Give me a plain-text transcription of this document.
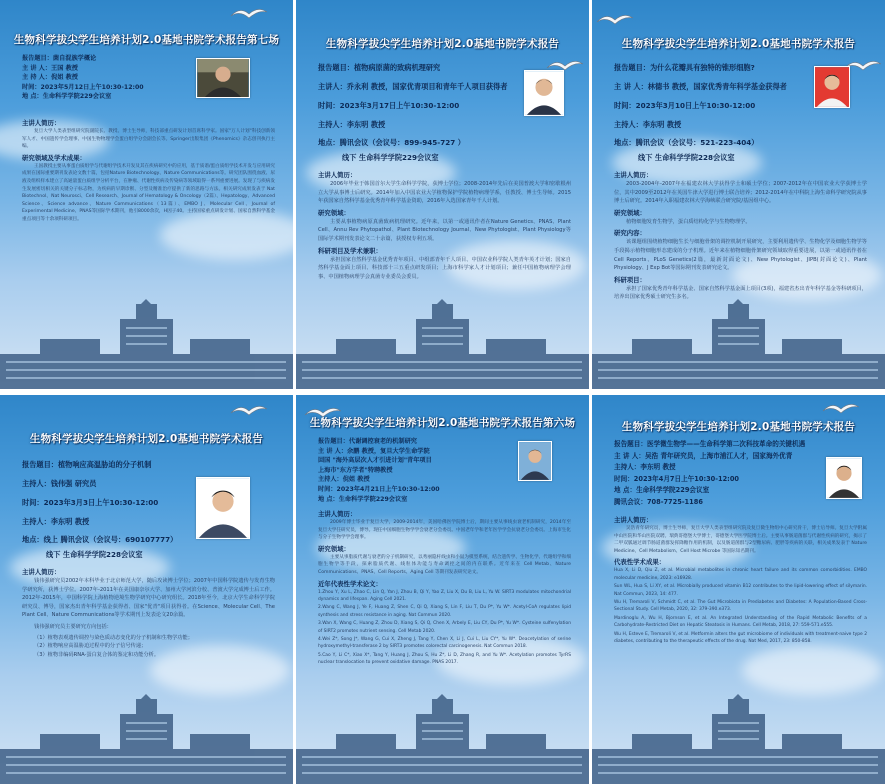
生物科学拔尖学生培养计划2.0基地书院学术报告第七场
报告题目：菌自混族学概论
主 讲 人：王国 教授
主 持 人：倪姐 教授
时间：2023年5月12日上午10:30-12:00
地 点：生命科学学院229会议室
主讲人简历：
复旦大学人类表型组研究院副院长、教授、博士生导师，科技部重点研发计划首席科学家。国家"万人计划"科技创新领军人才、中国遗传学会理事、中国生物物理学会蛋白组学分会副会长等。Springer出版集团《Phenomics》杂志创刊执行主编。
研究领域及学术成果：
王国教授主要从事蛋白质组学与代谢组学技术开发及其在疾病研究中的应用，基于质谱/蛋白质组学技术开发与应用研究成果在国际重要期刊发表论文数十篇，包括Nature Biotechnology、Nature Communications等。研究团队围绕血液、尿液及组织样本建立了高通量蛋白质组学分析平台，在肿瘤、代谢性疾病及传染病等领域取得一系列重要进展。发现了与疾病发生发展密切相关的关键分子标志物，为疾病的早期诊断、分型及精准治疗提供了新的思路与方法。相关研究成果发表于 Nat Biotechnol、Nat Neurosci、Cell Research、Journal of Hematology & Oncology（2篇）、Hepatology、Advanced Science、Science advance、Nature Communications（13篇）、EMBO J、Molecular Cell、Journal of Experimental Medicine、PNAS等国际学术期刊，他引8000余次，H因子40。主持国家重点研发计划、国家自然科学基金重点项目等十余项科研项目。
生物科学拔尖学生培养计划2.0基地书院学术报告
报告题目：植物病原菌的致病机理研究
主讲人：乔永利 教授，国家优青项目和青年千人项目获得者
时间：2023年3月17日上午10:30-12:00
主持人：李东明 教授
地点：腾讯会议（会议号：899-945-727 ）
线下 生命科学学院229会议室
主讲人简历：
2006年毕业于韩国首尔大学生命科学学院，获博士学位；2008-2014年先后在美国普渡大学和密歇根州立大学从事博士后研究。2014年加入中国农业大学植物保护学院植物病理学系，任教授、博士生导师。2015年获国家自然科学基金优秀青年科学基金资助，2016年入选国家青年千人计划。
研究领域：
主要从事植物病原真菌致病机理研究。近年来，以第一或通讯作者在Nature Genetics、PNAS、Plant Cell、Annu Rev Phytopathol、Plant Biotechnology Journal、New Phytologist、Plant Physiology等国际学术期刊发表论文二十余篇，获授权专利五项。
科研项目及学术兼职：
承担国家自然科学基金优秀青年项目、中组部青年千人项目、中国农业科学院人类青年英才计划；国家自然科学基金面上项目、科技部十三五重点研发项目；上海市科学家人才计划项目；兼任中国植物病理学会理事、中国植物病理学会真菌专业委员会委员。
生物科学拔尖学生培养计划2.0基地书院学术报告
报告题目：为什么花瓣具有独特的锥形细胞?
主 讲 人：林德书 教授，国家优秀青年科学基金获得者
时间：2023年3月10日上午10:30-12:00
主持人：李东明 教授
地点：腾讯会议（会议号：521-223-404）
线下 生命科学学院228会议室
主讲人简历：
2003-2004年-2007年在福建农林大学获得学士和硕士学位；2007-2012年在中国农业大学获博士学位，其中2009至2012年在英国牛津大学进行博士联合培养；2012-2014年在中科院上海生命科学研究院从事博士后研究。2014年入职福建农林大学海峡联合研究院/基因组中心。
研究领域：
植物细胞发育生物学，蛋白质结构化学与生物物理学。
研究内容：
该课题组围绕植物细胞生长与细胞骨架的调控机制开展研究，主要利用遗传学、生物化学及细胞生物学等手段揭示植物细胞形态建成的分子机理。近年来在植物细胞骨架研究领域取得重要进展，以第一或通讯作者在Cell Reports、PLoS Genetics(2篇，最新封面论文)、New Phytologist、JIPB(封面论文)、Plant Physiology、J Exp Bot等国际期刊发表研究论文。
科研项目：
承担了国家优秀青年科学基金、国家自然科学基金面上项目(3项)，福建省杰出青年科学基金等科研项目，培养出国家优秀硕士研究生多名。
生物科学拔尖学生培养计划2.0基地书院学术报告
报告题目：植物响应高温胁迫的分子机制
主持人：钱伟强 研究员
时间：2023年3月3日上午10:30-12:00
主持人：李东明 教授
地点：线上 腾讯会议（会议号：690107777）
线下 生命科学学院228会议室
主讲人简历：
钱伟强研究员2002年本科毕业于北京师范大学，随后攻读博士学位；2007年中国科学院遗传与发育生物学研究所，获博士学位。2007年-2011年在美国康奈尔大学、加州大学河滨分校、普渡大学完成博士后工作。2012年-2015年，中国科学院上海植物逆境生物学研究中心研究组长。2018年至今，北京大学生命科学学院研究员、博导，国家杰出青年科学基金获得者、国家"优青"项目获得者。在Science、Molecular Cell、The Plant Cell、Nature Communications等学术期刊上发表论文20余篇。
钱伟强研究员主要研究方向包括：
（1）植物表观遗传调控与染色质动态变化的分子机制和生物学功能；
（2）植物响应高温胁迫过程中的分子信号传递；
（3）植物非编码RNA-蛋白复合体的鉴定和功能分析。
生物科学拔尖学生培养计划2.0基地书院学术报告第六场
报告题目：代谢调控衰老的机制研究
主 讲 人：余鹏 教授，复旦大学生命学院
回国 "海外高层次人才引进计划"青年项目
上海市"东方学者"特聘教授
主持人：倪姐 教授
时间：2023年4月21日上午10:30-12:00
地 点：生命科学学院229会议室
主讲人简历：
2009年博士毕业于复旦大学，2009-2014年，美国哈佛医学院博士后，期间主要从事线虫衰老机制研究，2014年至复旦大学任研究员，博导。现任中国细胞生物学学会衰老分会委员。中国老年学和老年医学学会抗衰老分会委员。上海市生化与分子生物学学会理事。
研究领域：
主要从事脂质代谢与衰老的分子机制研究，以秀丽隐杆线虫和小鼠为模型系统，结合遗传学、生物化学、代谢组学和细胞生物学等手段，探索脂质代谢、线粒体功能与寿命调控之间的内在联系。近年来在 Cell Metab、Nature Communications、PNAS、Cell Reports、Aging Cell 等期刊发表研究论文。
近年代表性学术论文：
1.Zhou Y, Xu L, Zhao C, Lin Q, Yan J, Zhou B, Qi Y, Yao Z, Liu X, Du B, Liu L, Yu W. SIRT3 modulates mitochondrial dynamics and lifespan. Aging Cell 2021.
2.Wang C, Wang J, Ye F, Huang Z, Shen C, Qi Q, Xiang S, Lin F, Liu T, Du P*, Yu W*. Acetyl-CoA regulates lipid synthesis and stress resistance in aging. Nat Commun 2020.
3.Wan X, Wang C, Huang Z, Zhou D, Xiang S, Qi Q, Chen X, Arbely E, Liu CY, Du P*, Yu W*. Cysteine sulfenylation of SIRT2 promotes nutrient sensing. Cell Metab 2020.
4.Wei Z*, Song J*, Wang G, Cui X, Zheng J, Tang Y, Chen X, Li J, Cui L, Liu CY*, Yu W*. Deacetylation of serine hydroxymethyl-transferase 2 by SIRT3 promotes colorectal carcinogenesis. Nat Commun 2018.
5.Cao Y, Li C*, Xiao X*, Tang Y, Huang J, Zhou S, Hu Z*, Li D, Zhang R, and Yu W*. Acetylation promotes TyrRS nuclear translocation to prevent oxidative damage. PNAS 2017.
生物科学拔尖学生培养计划2.0基地书院学术报告
报告题目：医学微生物学——生命科学第二次科技革命的关键机遇
主 讲 人：吴浩 青年研究员，上海市浦江人才，国家海外优青
主持人：李东明 教授
时间：2023年4月7日上午10:30-12:00
地 点：生命科学学院229会议室
腾讯会议：708-7725-1186
主讲人简历：
吴浩青年研究员，博士生导师，复旦大学人类表型组研究院及复旦微生物组中心研究骨干，博士后导师。复旦大学附属中山医院和华山医院双聘。瑞典哥德堡大学博士，哥德堡大学医学院博士后。主要从事肠道菌群与代谢性疾病的研究，揭示了二甲双胍通过调节肠道菌群发挥降糖作用的机制，以及肠道菌群与2型糖尿病、肥胖等疾病的关联，相关成果发表于 Nature Medicine、Cell Metabolism、Cell Host Microbe 等国际知名期刊。
代表性学术成果：
Hua X, Li D, Qiu Z, et al. Microbial metabolites in chronic heart failure and its common comorbidities. EMBO molecular medicine, 2023: e16928.
Sun WL, Hua S, Li XY, et al. Microbially produced vitamin B12 contributes to the lipid-lowering effect of silymarin. Nat Commun, 2023, 14: 477.
Wu H, Tremaroli V, Schmidt C, et al. The Gut Microbiota in Prediabetes and Diabetes: A Population-Based Cross-Sectional Study. Cell Metab, 2020, 32: 379-390.e373.
Mardinoglu A, Wu H, Bjornson E, et al. An Integrated Understanding of the Rapid Metabolic Benefits of a Carbohydrate-Restricted Diet on Hepatic Steatosis in Humans. Cell Metab, 2018, 27: 559-571.e555.
Wu H, Esteve E, Tremaroli V, et al. Metformin alters the gut microbiome of individuals with treatment-naive type 2 diabetes, contributing to the therapeutic effects of the drug. Nat Med, 2017, 23: 850-858.
